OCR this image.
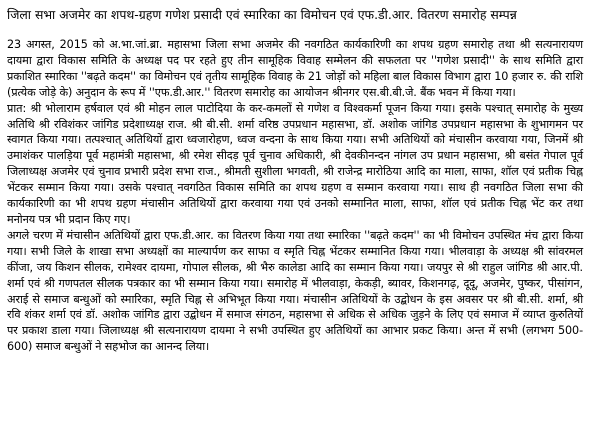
जिला सभा अजमेर का शपथ-ग्रहण गणेश प्रसादी एवं स्मारिका का विमोचन एवं एफ.डी.आर. वितरण समारोह सम्पन्न

23 अगस्त, 2015 को अ.भा.जां.ब्रा. महासभा जिला सभा अजमेर की नवगठित कार्यकारिणी का शपथ ग्रहण समारोह तथा श्री सत्यनारायण दायमा द्वारा विकास समिति के अध्यक्ष पद पर रहते हुए तीन सामूहिक विवाह सम्मेलन की सफलता पर ''गणेश प्रसादी'' के साथ समिति द्वारा प्रकाशित स्मारिका ''बढ़ते कदम'' का विमोचन एवं तृतीय सामूहिक विवाह के 21 जोड़ों को महिला बाल विकास विभाग द्वारा 10 हजार रु. की राशि (प्रत्येक जोड़े के) अनुदान के रूप में ''एफ.डी.आर.'' वितरण समारोह का आयोजन श्रीनगर एस.बी.बी.जे. बैंक भवन में किया गया।

प्रात: श्री भोलाराम हर्षवाल एवं श्री मोहन लाल पाटोदिया के कर-कमलों से गणेश व विश्वकर्मा पूजन किया गया। इसके पश्चात् समारोह के मुख्य अतिथि श्री रविशंकर जांगिड प्रदेशाध्यक्ष राज. श्री बी.सी. शर्मा वरिष्ठ उपप्रधान महासभा, डॉ. अशोक जांगिड उपप्रधान महासभा के शुभागमन पर स्वागत किया गया। तत्पश्चात् अतिथियों द्वारा ध्वजारोहण, ध्वज वन्दना के साथ किया गया। सभी अतिथियों को मंचासीन करवाया गया, जिनमें श्री उमाशंकर पालड़िया पूर्व महामंत्री महासभा, श्री रमेश सीदड़ पूर्व चुनाव अधिकारी, श्री देवकीनन्दन नांगल उप प्रधान महासभा, श्री बसंत गेपाल पूर्व जिलाध्यक्ष अजमेर एवं चुनाव प्रभारी प्रदेश सभा राज., श्रीमती सुशीला भगवती, श्री राजेन्द्र मारोठिया आदि का माला, साफा, शॉल एवं प्रतीक चिह्न भेंटकर सम्मान किया गया। उसके पश्चात् नवगठित विकास समिति का शपथ ग्रहण व सम्मान करवाया गया। साथ ही नवगठित जिला सभा की कार्यकारिणी का भी शपथ ग्रहण मंचासीन अतिथियों द्वारा करवाया गया एवं उनको सम्मानित माला, साफा, शॉल एवं प्रतीक चिह्न भेंट कर तथा मनोनय पत्र भी प्रदान किए गए।

अगले चरण में मंचासीन अतिथियों द्वारा एफ.डी.आर. का वितरण किया गया तथा स्मारिका ''बढ़ते कदम'' का भी विमोचन उपस्थित मंच द्वारा किया गया। सभी जिले के शाखा सभा अध्यक्षों का माल्यार्पण कर साफा व स्मृति चिह्न भेंटकर सम्मानित किया गया। भीलवाड़ा के अध्यक्ष श्री सांवरमल कींजा, जय किशन सीलक, रामेश्वर दायमा, गोपाल सीलक, श्री भैरु कालेडा आदि का सम्मान किया गया। जयपुर से श्री राहुल जांगिड श्री आर.पी. शर्मा एवं श्री गणपतल सीलक पत्रकार का भी सम्मान किया गया। समारोह में भीलवाड़ा, केकड़ी, ब्यावर, किशनगढ़, दूदू, अजमेर, पुष्कर, पीसांगन, अराई से समाज बन्धुओं को स्मारिका, स्मृति चिह्न से अभिभूत किया गया। मंचासीन अतिथियों के उद्बोधन के इस अवसर पर श्री बी.सी. शर्मा, श्री रवि शंकर शर्मा एवं डॉ. अशोक जांगिड द्वारा उद्बोधन में समाज संगठन, महासभा से अधिक से अधिक जुड़ने के लिए एवं समाज में व्याप्त कुरुतियों पर प्रकाश डाला गया। जिलाध्यक्ष श्री सत्यनारायण दायमा ने सभी उपस्थित हुए अतिथियों का आभार प्रकट किया। अन्त में सभी (लगभग 500-600) समाज बन्धुओं ने सहभोज का आनन्द लिया।
